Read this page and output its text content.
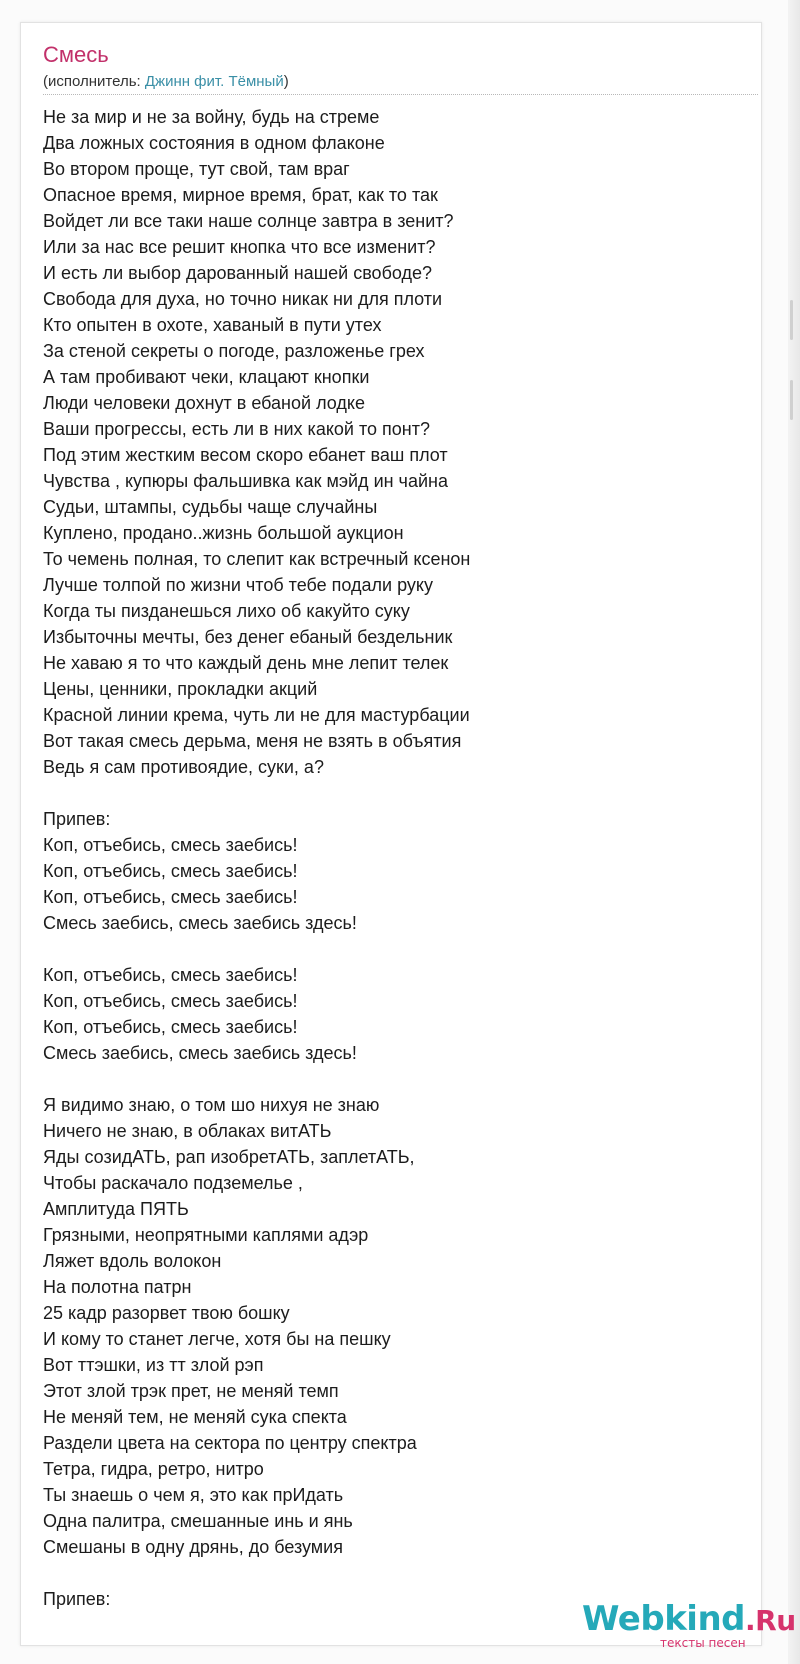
Смесь
(исполнитель: Джинн фит. Тёмный)
Не за мир и не за войну, будь на стреме
Два ложных состояния в одном флаконе
Во втором проще, тут свой, там враг
Опасное время, мирное время, брат, как то так
Войдет ли все таки наше солнце завтра в зенит?
Или за нас все решит кнопка что все изменит?
И есть ли выбор дарованный нашей свободе?
Свобода для духа, но точно никак ни для плоти
Кто опытен в охоте, хаваный в пути утех
За стеной секреты о погоде, разложенье грех
А там пробивают чеки, клацают кнопки
Люди человеки дохнут в ебаной лодке
Ваши прогрессы, есть ли в них какой то понт?
Под этим жестким весом скоро ебанет ваш плот
Чувства , купюры фальшивка как мэйд ин чайна
Судьи, штампы, судьбы чаще случайны
Куплено, продано..жизнь большой аукцион
То чемень полная, то слепит как встречный ксенон
Лучше толпой по жизни чтоб тебе подали руку
Когда ты пизданешься лихо об какуйто суку
Избыточны мечты, без денег ебаный бездельник
Не хаваю я то что каждый день мне лепит телек
Цены, ценники, прокладки акций
Красной линии крема, чуть ли не для мастурбации
Вот такая смесь дерьма, меня не взять в объятия
Ведь я сам противоядие, суки, а?
Припев:
Коп, отъебись, смесь заебись!
Коп, отъебись, смесь заебись!
Коп, отъебись, смесь заебись!
Смесь заебись, смесь заебись здесь!
Коп, отъебись, смесь заебись!
Коп, отъебись, смесь заебись!
Коп, отъебись, смесь заебись!
Смесь заебись, смесь заебись здесь!
Я видимо знаю, о том шо нихуя не знаю
Ничего не знаю, в облаках витАТЬ
Яды созидАТЬ, рап изобретАТЬ, заплетАТЬ,
Чтобы раскачало подземелье ,
Амплитуда ПЯТЬ
Грязными, неопрятными каплями адэр
Ляжет вдоль волокон
На полотна патрн
25 кадр разорвет твою бошку
И кому то станет легче, хотя бы на пешку
Вот ттэшки, из тт злой рэп
Этот злой трэк прет, не меняй темп
Не меняй тем, не меняй сука спекта
Раздели цвета на сектора по центру спектра
Тетра, гидра, ретро, нитро
Ты знаешь о чем я, это как прИдать
Одна палитра, смешанные инь и янь
Смешаны в одну дрянь, до безумия
Припев:	Webkind.Ru
тексты песен
